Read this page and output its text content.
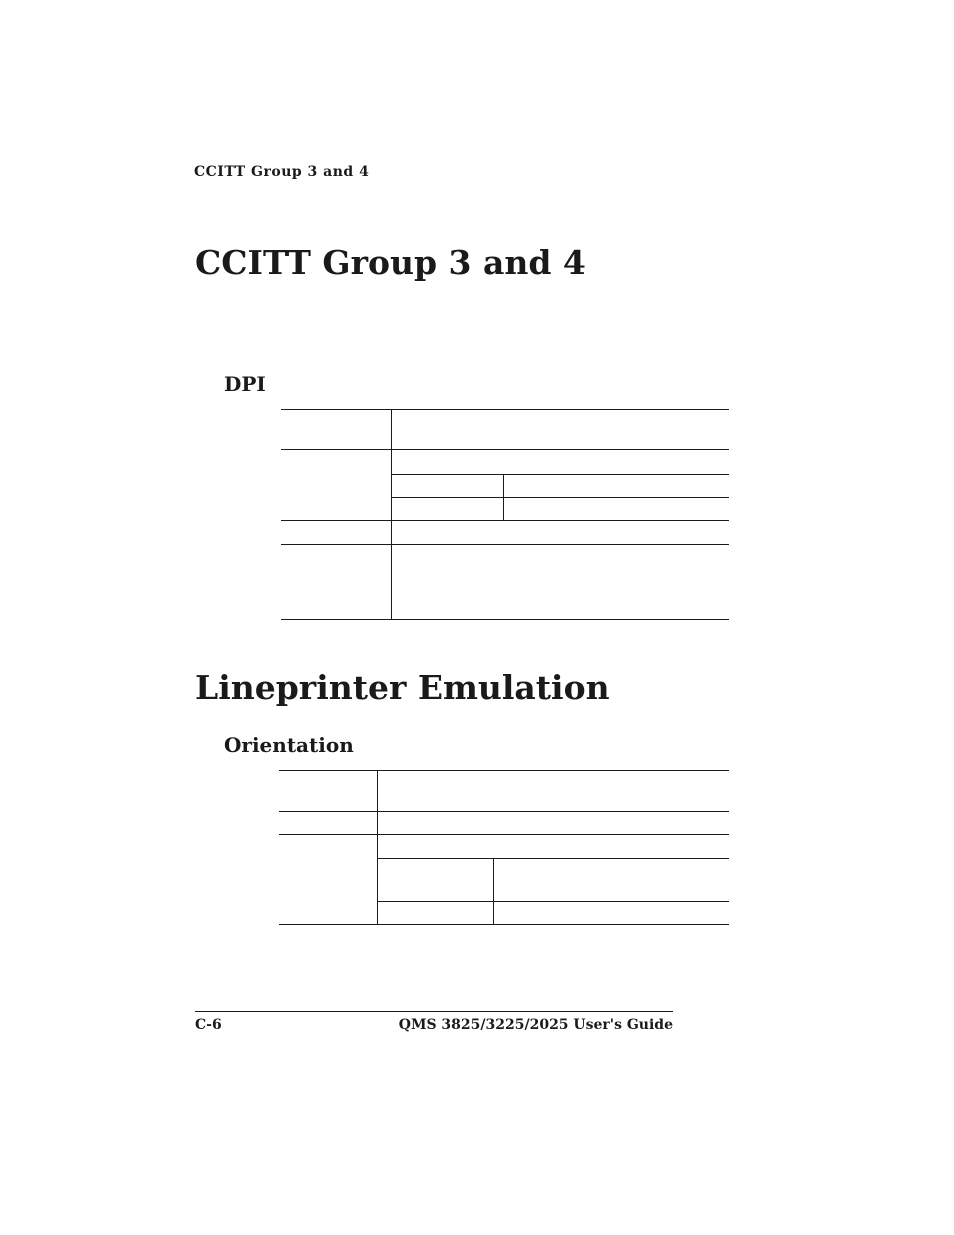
CCITT Group 3 and 4
CCITT Group 3 and 4
DPI
Lineprinter Emulation
Orientation
C-6	QMS 3825/3225/2025 User's Guide
